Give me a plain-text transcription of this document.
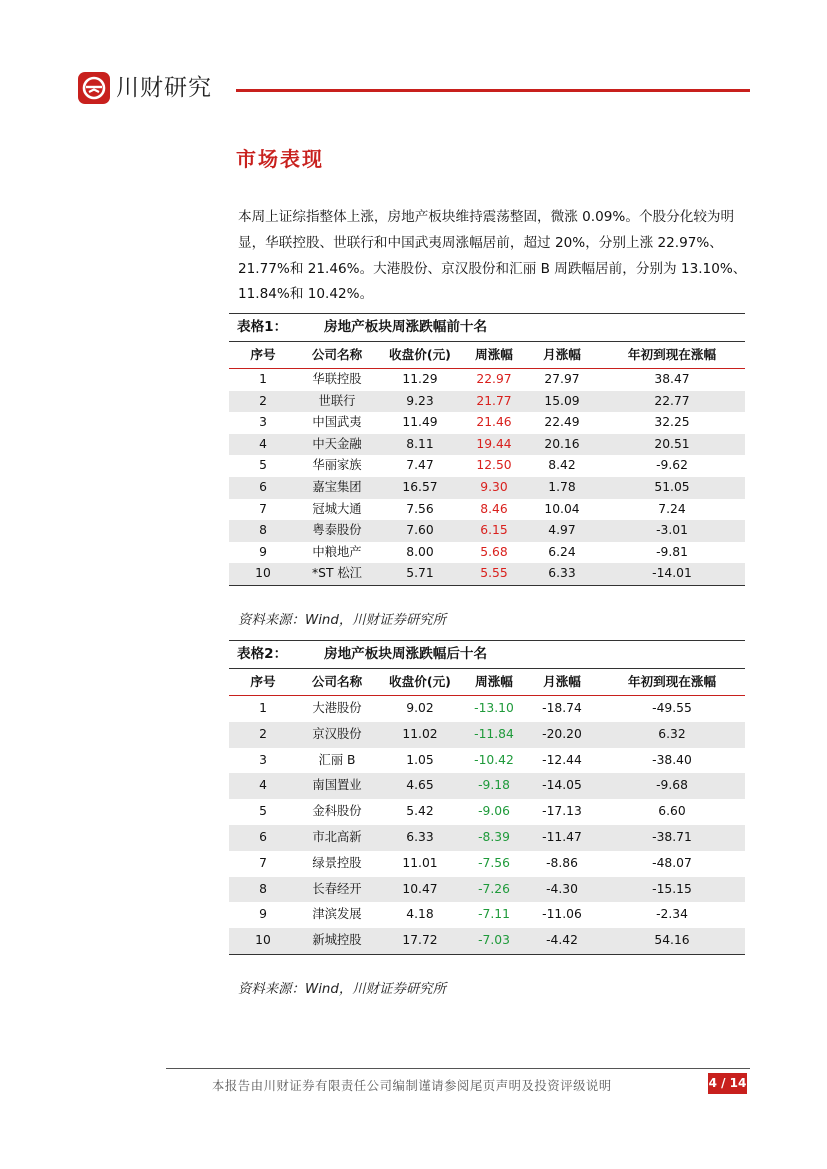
川财研究
市场表现
本周上证综指整体上涨，房地产板块维持震荡整固，微涨 0.09%。个股分化较为明显，华联控股、世联行和中国武夷周涨幅居前，超过 20%，分别上涨 22.97%、21.77%和 21.46%。大港股份、京汉股份和汇丽 B 周跌幅居前，分别为 13.10%、11.84%和 10.42%。
表格1：	房地产板块周涨跌幅前十名
序号	公司名称	收盘价(元)	周涨幅	月涨幅	年初到现在涨幅
1	华联控股	11.29	22.97	27.97	38.47
2	世联行	9.23	21.77	15.09	22.77
3	中国武夷	11.49	21.46	22.49	32.25
4	中天金融	8.11	19.44	20.16	20.51
5	华丽家族	7.47	12.50	8.42	-9.62
6	嘉宝集团	16.57	9.30	1.78	51.05
7	冠城大通	7.56	8.46	10.04	7.24
8	粤泰股份	7.60	6.15	4.97	-3.01
9	中粮地产	8.00	5.68	6.24	-9.81
10	*ST 松江	5.71	5.55	6.33	-14.01
资料来源：Wind，川财证券研究所
表格2：	房地产板块周涨跌幅后十名
序号	公司名称	收盘价(元)	周涨幅	月涨幅	年初到现在涨幅
1	大港股份	9.02	-13.10	-18.74	-49.55
2	京汉股份	11.02	-11.84	-20.20	6.32
3	汇丽 B	1.05	-10.42	-12.44	-38.40
4	南国置业	4.65	-9.18	-14.05	-9.68
5	金科股份	5.42	-9.06	-17.13	6.60
6	市北高新	6.33	-8.39	-11.47	-38.71
7	绿景控股	11.01	-7.56	-8.86	-48.07
8	长春经开	10.47	-7.26	-4.30	-15.15
9	津滨发展	4.18	-7.11	-11.06	-2.34
10	新城控股	17.72	-7.03	-4.42	54.16
资料来源：Wind，川财证券研究所
本报告由川财证券有限责任公司编制谨请参阅尾页声明及投资评级说明	4 / 14
